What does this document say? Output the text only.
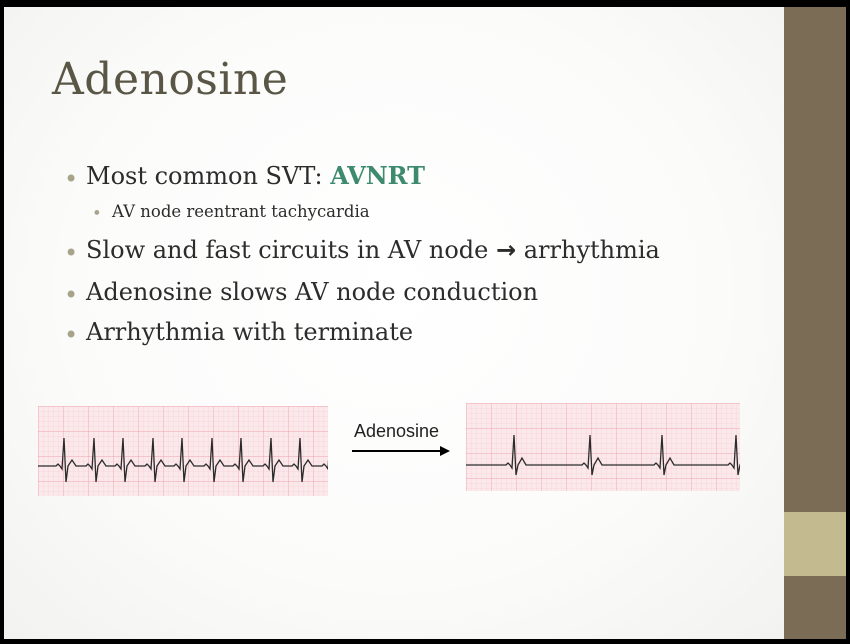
Adenosine
• Most common SVT: AVNRT
• AV node reentrant tachycardia
• Slow and fast circuits in AV node → arrhythmia
• Adenosine slows AV node conduction
• Arrhythmia with terminate
Adenosine
